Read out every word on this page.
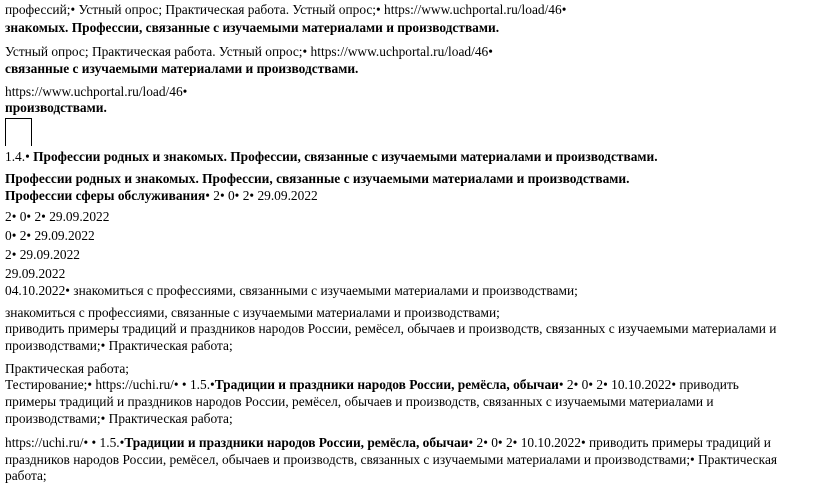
профессий;• Устный опрос; Практическая работа. Устный опрос;• https://www.uchportal.ru/load/46•
знакомых. Профессии, связанные с изучаемыми материалами и производствами.
Устный опрос; Практическая работа. Устный опрос;• https://www.uchportal.ru/load/46•
связанные с изучаемыми материалами и производствами.
https://www.uchportal.ru/load/46•
производствами.
1.4.• Профессии родных и знакомых. Профессии, связанные с изучаемыми материалами и производствами.
Профессии родных и знакомых. Профессии, связанные с изучаемыми материалами и производствами.
Профессии сферы обслуживания• 2• 0• 2• 29.09.2022
2• 0• 2• 29.09.2022
0• 2• 29.09.2022
2• 29.09.2022
29.09.2022
04.10.2022• знакомиться с профессиями, связанными с изучаемыми материалами и производствами;
знакомиться с профессиями, связанные с изучаемыми материалами и производствами;
приводить примеры традиций и праздников народов России, ремёсел, обычаев и производств, связанных с изучаемыми материалами и
производствами;• Практическая работа;
Практическая работа;
Тестирование;• https://uchi.ru/• • 1.5.•Традиции и праздники народов России, ремёсла, обычаи• 2• 0• 2• 10.10.2022• приводить
примеры традиций и праздников народов России, ремёсел, обычаев и производств, связанных с изучаемыми материалами и
производствами;• Практическая работа;
https://uchi.ru/• • 1.5.•Традиции и праздники народов России, ремёсла, обычаи• 2• 0• 2• 10.10.2022• приводить примеры традиций и
праздников народов России, ремёсел, обычаев и производств, связанных с изучаемыми материалами и производствами;• Практическая
работа;
